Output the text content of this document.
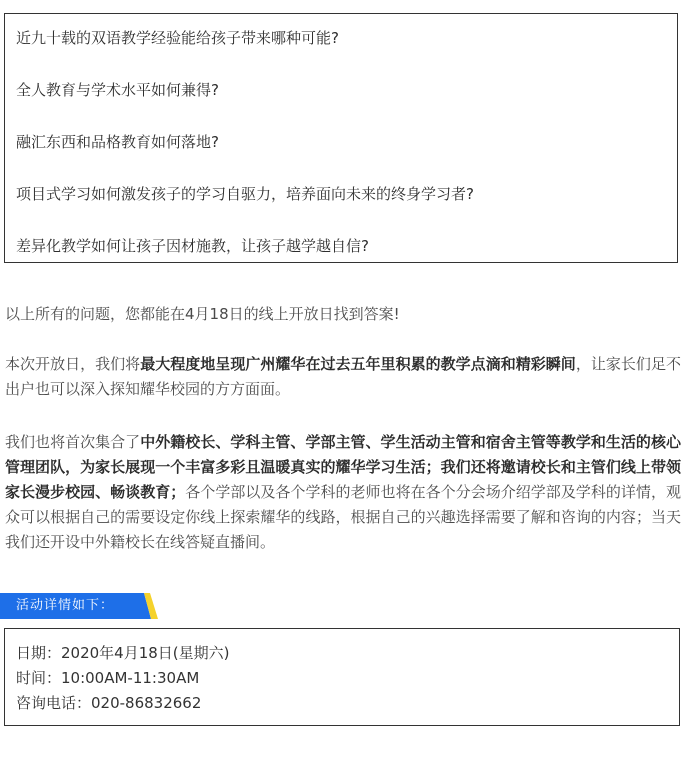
近九十载的双语教学经验能给孩子带来哪种可能?
全人教育与学术水平如何兼得?
融汇东西和品格教育如何落地?
项目式学习如何激发孩子的学习自驱力，培养面向未来的终身学习者?
差异化教学如何让孩子因材施教，让孩子越学越自信?
以上所有的问题，您都能在4月18日的线上开放日找到答案!
本次开放日，我们将最大程度地呈现广州耀华在过去五年里积累的教学点滴和精彩瞬间，让家长们足不出户也可以深入探知耀华校园的方方面面。
我们也将首次集合了中外籍校长、学科主管、学部主管、学生活动主管和宿舍主管等教学和生活的核心管理团队，为家长展现一个丰富多彩且温暖真实的耀华学习生活；我们还将邀请校长和主管们线上带领家长漫步校园、畅谈教育；各个学部以及各个学科的老师也将在各个分会场介绍学部及学科的详情，观众可以根据自己的需要设定你线上探索耀华的线路，根据自己的兴趣选择需要了解和咨询的内容；当天我们还开设中外籍校长在线答疑直播间。
活动详情如下：
日期：2020年4月18日(星期六)
时间：10:00AM-11:30AM
咨询电话：020-86832662
